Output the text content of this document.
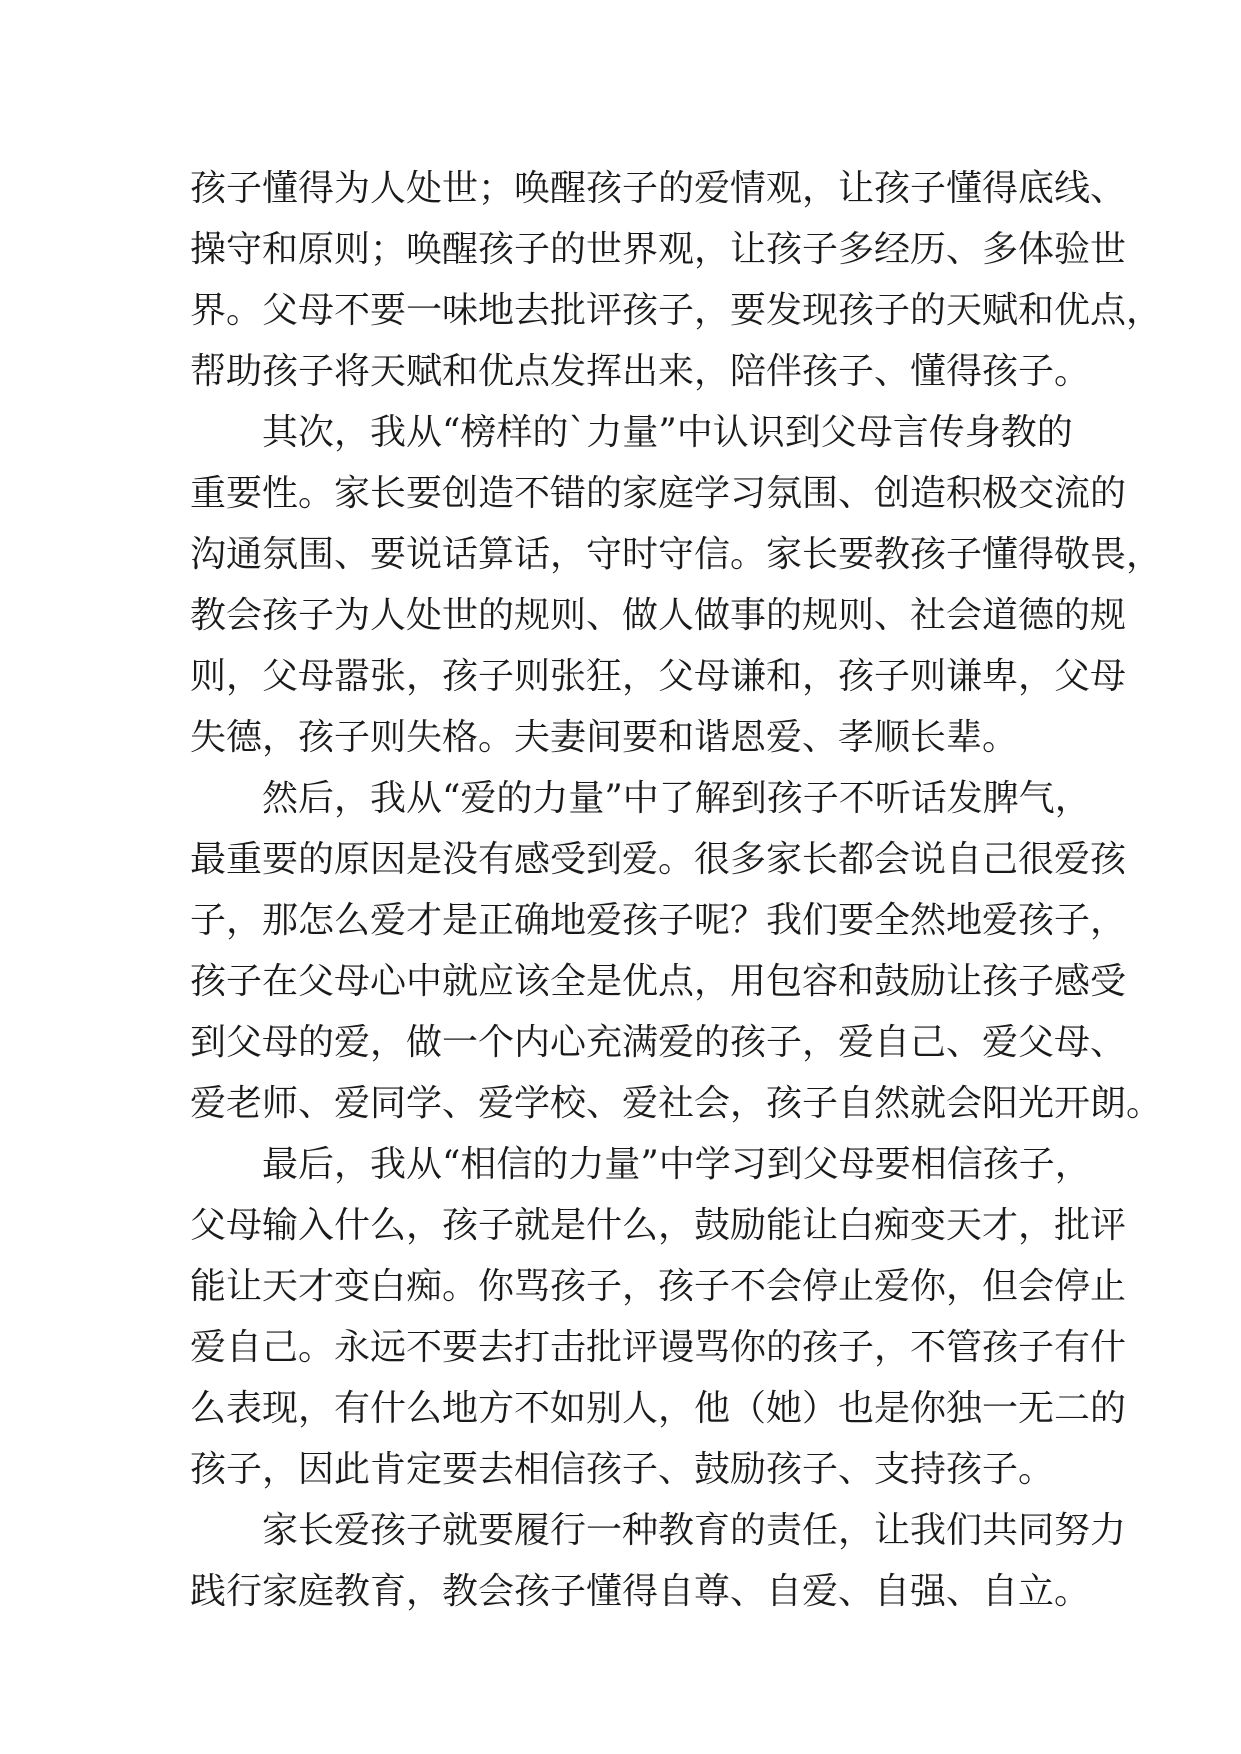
孩子懂得为人处世；唤醒孩子的爱情观，让孩子懂得底线、
操守和原则；唤醒孩子的世界观，让孩子多经历、多体验世
界。父母不要一味地去批评孩子，要发现孩子的天赋和优点，
帮助孩子将天赋和优点发挥出来，陪伴孩子、懂得孩子。
其次，我从“榜样的`力量”中认识到父母言传身教的
重要性。家长要创造不错的家庭学习氛围、创造积极交流的
沟通氛围、要说话算话，守时守信。家长要教孩子懂得敬畏，
教会孩子为人处世的规则、做人做事的规则、社会道德的规
则，父母嚣张，孩子则张狂，父母谦和，孩子则谦卑，父母
失德，孩子则失格。夫妻间要和谐恩爱、孝顺长辈。
然后，我从“爱的力量”中了解到孩子不听话发脾气，
最重要的原因是没有感受到爱。很多家长都会说自己很爱孩
子，那怎么爱才是正确地爱孩子呢？我们要全然地爱孩子，
孩子在父母心中就应该全是优点，用包容和鼓励让孩子感受
到父母的爱，做一个内心充满爱的孩子，爱自己、爱父母、
爱老师、爱同学、爱学校、爱社会，孩子自然就会阳光开朗。
最后，我从“相信的力量”中学习到父母要相信孩子，
父母输入什么，孩子就是什么，鼓励能让白痴变天才，批评
能让天才变白痴。你骂孩子，孩子不会停止爱你，但会停止
爱自己。永远不要去打击批评谩骂你的孩子，不管孩子有什
么表现，有什么地方不如别人，他（她）也是你独一无二的
孩子，因此肯定要去相信孩子、鼓励孩子、支持孩子。
家长爱孩子就要履行一种教育的责任，让我们共同努力
践行家庭教育，教会孩子懂得自尊、自爱、自强、自立。
